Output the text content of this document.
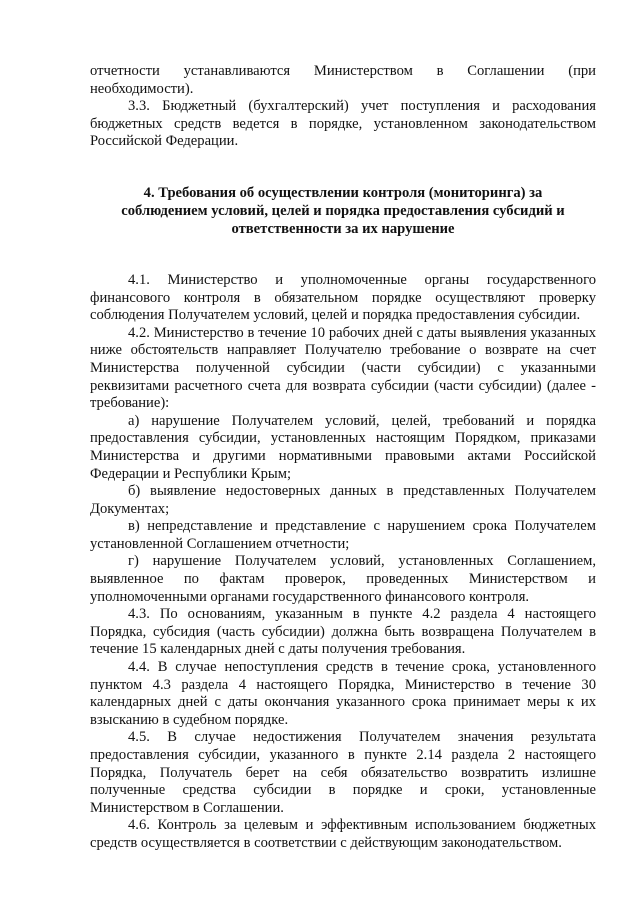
отчетности устанавливаются Министерством в Соглашении (при необходимости).

3.3. Бюджетный (бухгалтерский) учет поступления и расходования бюджетных средств ведется в порядке, установленном законодательством Российской Федерации.

4. Требования об осуществлении контроля (мониторинга) за соблюдением условий, целей и порядка предоставления субсидий и ответственности за их нарушение

4.1. Министерство и уполномоченные органы государственного финансового контроля в обязательном порядке осуществляют проверку соблюдения Получателем условий, целей и порядка предоставления субсидии.

4.2. Министерство в течение 10 рабочих дней с даты выявления указанных ниже обстоятельств направляет Получателю требование о возврате на счет Министерства полученной субсидии (части субсидии) с указанными реквизитами расчетного счета для возврата субсидии (части субсидии) (далее - требование):

а) нарушение Получателем условий, целей, требований и порядка предоставления субсидии, установленных настоящим Порядком, приказами Министерства и другими нормативными правовыми актами Российской Федерации и Республики Крым;

б) выявление недостоверных данных в представленных Получателем Документах;

в) непредставление и представление с нарушением срока Получателем установленной Соглашением отчетности;

г) нарушение Получателем условий, установленных Соглашением, выявленное по фактам проверок, проведенных Министерством и уполномоченными органами государственного финансового контроля.

4.3. По основаниям, указанным в пункте 4.2 раздела 4 настоящего Порядка, субсидия (часть субсидии) должна быть возвращена Получателем в течение 15 календарных дней с даты получения требования.

4.4. В случае непоступления средств в течение срока, установленного пунктом 4.3 раздела 4 настоящего Порядка, Министерство в течение 30 календарных дней с даты окончания указанного срока принимает меры к их взысканию в судебном порядке.

4.5. В случае недостижения Получателем значения результата предоставления субсидии, указанного в пункте 2.14 раздела 2 настоящего Порядка, Получатель берет на себя обязательство возвратить излишне полученные средства субсидии в порядке и сроки, установленные Министерством в Соглашении.

4.6. Контроль за целевым и эффективным использованием бюджетных средств осуществляется в соответствии с действующим законодательством.
